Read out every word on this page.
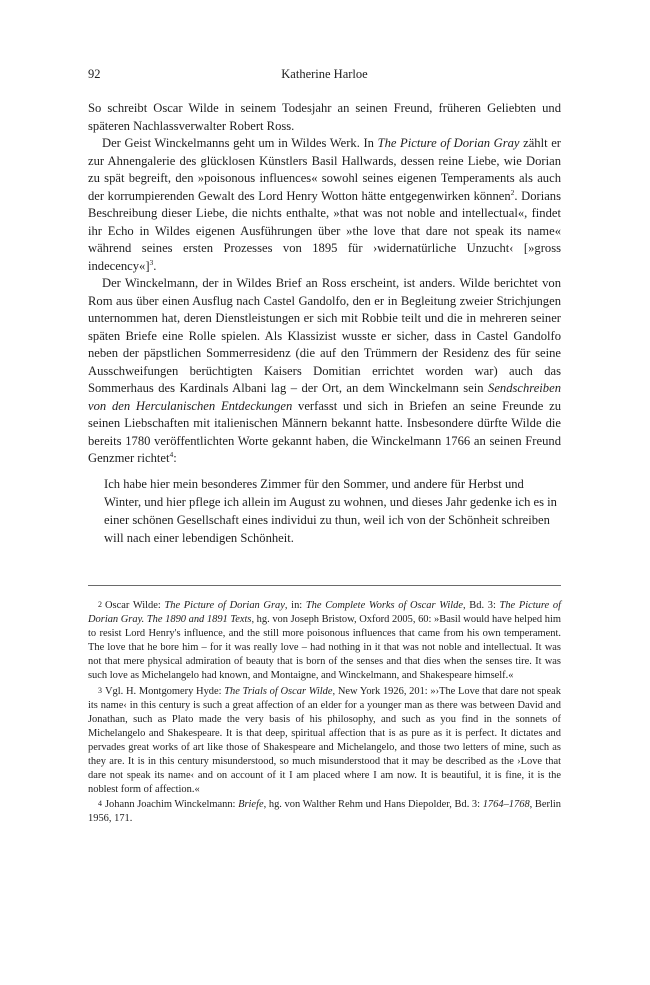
92	Katherine Harloe

So schreibt Oscar Wilde in seinem Todesjahr an seinen Freund, früheren Geliebten und späteren Nachlassverwalter Robert Ross.

Der Geist Winckelmanns geht um in Wildes Werk. In The Picture of Dorian Gray zählt er zur Ahnengalerie des glücklosen Künstlers Basil Hallwards, dessen reine Liebe, wie Dorian zu spät begreift, den »poisonous influences« sowohl seines eigenen Temperaments als auch der korrumpierenden Gewalt des Lord Henry Wotton hätte entgegenwirken können$^2$. Dorians Beschreibung dieser Liebe, die nichts enthalte, »that was not noble and intellectual«, findet ihr Echo in Wildes eigenen Ausführungen über »the love that dare not speak its name« während seines ersten Prozesses von 1895 für ›widernatürliche Unzucht‹ [»gross indecency«]$^3$.

Der Winckelmann, der in Wildes Brief an Ross erscheint, ist anders. Wilde berichtet von Rom aus über einen Ausflug nach Castel Gandolfo, den er in Begleitung zweier Strichjungen unternommen hat, deren Dienstleistungen er sich mit Robbie teilt und die in mehreren seiner späten Briefe eine Rolle spielen. Als Klassizist wusste er sicher, dass in Castel Gandolfo neben der päpstlichen Sommerresidenz (die auf den Trümmern der Residenz des für seine Ausschweifungen berüchtigten Kaisers Domitian errichtet worden war) auch das Sommerhaus des Kardinals Albani lag – der Ort, an dem Winckelmann sein Sendschreiben von den Herculanischen Entdeckungen verfasst und sich in Briefen an seine Freunde zu seinen Liebschaften mit italienischen Männern bekannt hatte. Insbesondere dürfte Wilde die bereits 1780 veröffentlichten Worte gekannt haben, die Winckelmann 1766 an seinen Freund Genzmer richtet$^4$:

Ich habe hier mein besonderes Zimmer für den Sommer, und andere für Herbst und Winter, und hier pflege ich allein im August zu wohnen, und dieses Jahr gedenke ich es in einer schönen Gesellschaft eines individui zu thun, weil ich von der Schönheit schreiben will nach einer lebendigen Schönheit.

2 Oscar Wilde: The Picture of Dorian Gray, in: The Complete Works of Oscar Wilde, Bd. 3: The Picture of Dorian Gray. The 1890 and 1891 Texts, hg. von Joseph Bristow, Oxford 2005, 60: »Basil would have helped him to resist Lord Henry's influence, and the still more poisonous influences that came from his own temperament. The love that he bore him – for it was really love – had nothing in it that was not noble and intellectual. It was not that mere physical admiration of beauty that is born of the senses and that dies when the senses tire. It was such love as Michelangelo had known, and Montaigne, and Winckelmann, and Shakespeare himself.«

3 Vgl. H. Montgomery Hyde: The Trials of Oscar Wilde, New York 1926, 201: »›The Love that dare not speak its name‹ in this century is such a great affection of an elder for a younger man as there was between David and Jonathan, such as Plato made the very basis of his philosophy, and such as you find in the sonnets of Michelangelo and Shakespeare. It is that deep, spiritual affection that is as pure as it is perfect. It dictates and pervades great works of art like those of Shakespeare and Michelangelo, and those two letters of mine, such as they are. It is in this century misunderstood, so much misunderstood that it may be described as the ›Love that dare not speak its name‹ and on account of it I am placed where I am now. It is beautiful, it is fine, it is the noblest form of affection.«

4 Johann Joachim Winckelmann: Briefe, hg. von Walther Rehm und Hans Diepolder, Bd. 3: 1764–1768, Berlin 1956, 171.
